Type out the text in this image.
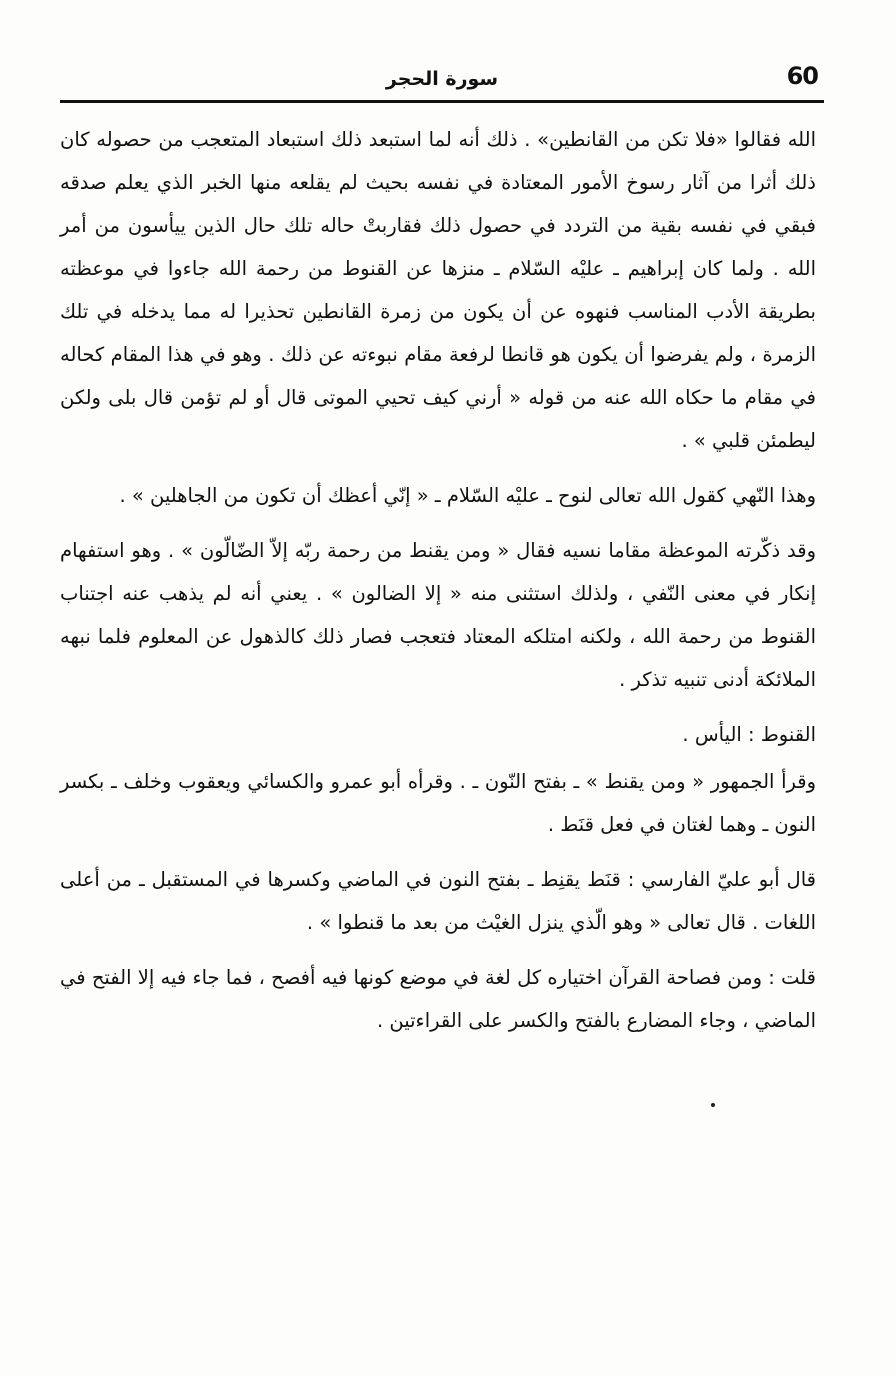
60
سورة الحجر

الله فقالوا «فلا تكن من القانطين» . ذلك أنه لما استبعد ذلك استبعاد المتعجب من حصوله كان ذلك أثرا من آثار رسوخ الأمور المعتادة في نفسه بحيث لم يقلعه منها الخبر الذي يعلم صدقه فبقي في نفسه بقية من التردد في حصول ذلك فقاربتْ حاله تلك حال الذين ييأسون من أمر الله . ولما كان إبراهيم ـ عليْه السّلام ـ منزها عن القنوط من رحمة الله جاءوا في موعظته بطريقة الأدب المناسب فنهوه عن أن يكون من زمرة القانطين تحذيرا له مما يدخله في تلك الزمرة ، ولم يفرضوا أن يكون هو قانطا لرفعة مقام نبوءته عن ذلك . وهو في هذا المقام كحاله في مقام ما حكاه الله عنه من قوله « أرني كيف تحيي الموتى قال أو لم تؤمن قال بلى ولكن ليطمئن قلبي » .

وهذا النّهي كقول الله تعالى لنوح ـ عليْه السّلام ـ « إنّي أعظك أن تكون من الجاهلين » .

وقد ذكّرته الموعظة مقاما نسيه فقال « ومن يقنط من رحمة ربّه إلاّ الضّالّون » . وهو استفهام إنكار في معنى النّفي ، ولذلك استثنى منه « إلا الضالون » . يعني أنه لم يذهب عنه اجتناب القنوط من رحمة الله ، ولكنه امتلكه المعتاد فتعجب فصار ذلك كالذهول عن المعلوم فلما نبهه الملائكة أدنى تنبيه تذكر .

القنوط : اليأس .

وقرأ الجمهور « ومن يقنط » ـ بفتح النّون ـ . وقرأه أبو عمرو والكسائي ويعقوب وخلف ـ بكسر النون ـ وهما لغتان في فعل قنَط .

قال أبو عليّ الفارسي : قنَط يقنِط ـ بفتح النون في الماضي وكسرها في المستقبل ـ من أعلى اللغات . قال تعالى « وهو الّذي ينزل الغيْث من بعد ما قنطوا » .

قلت : ومن فصاحة القرآن اختياره كل لغة في موضع كونها فيه أفصح ، فما جاء فيه إلا الفتح في الماضي ، وجاء المضارع بالفتح والكسر على القراءتين .
